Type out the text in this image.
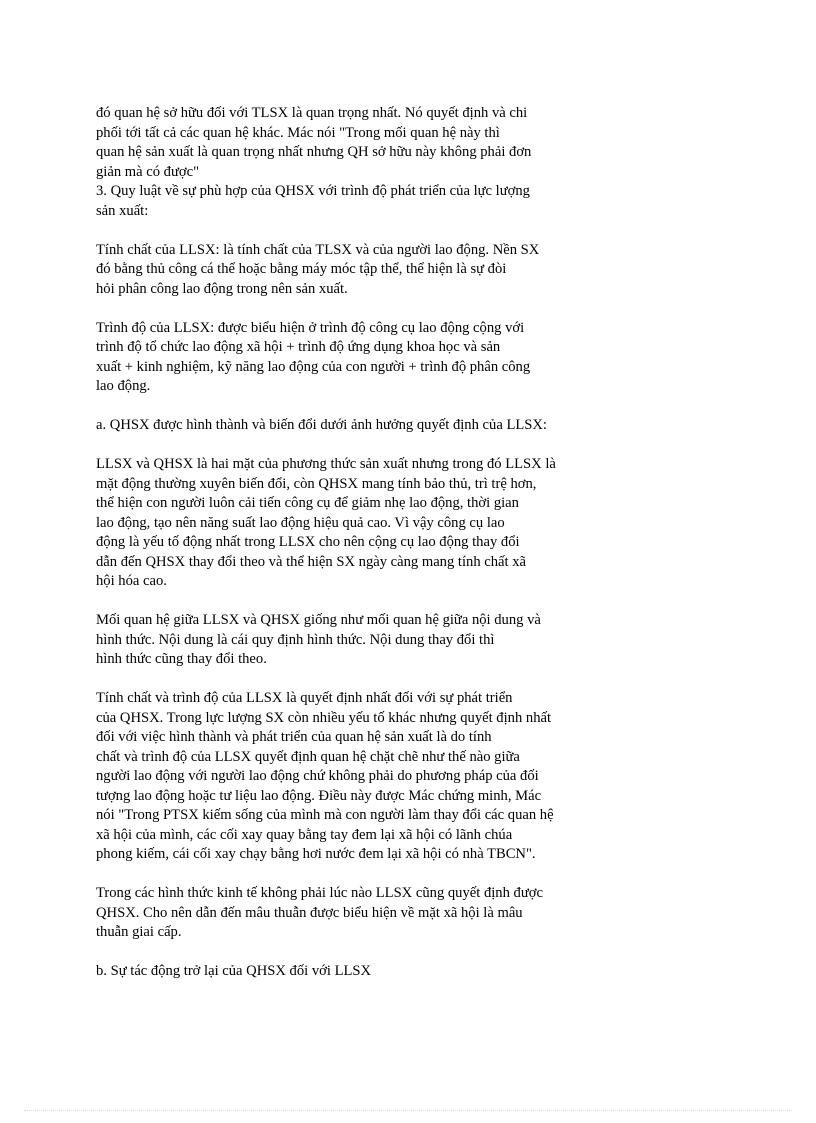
đó quan hệ sở hữu đối với TLSX là quan trọng nhất. Nó quyết định và chi
phối tới tất cả các quan hệ khác. Mác nói "Trong mối quan hệ này thì
quan hệ sản xuất là quan trọng nhất nhưng QH sở hữu này không phải đơn
giản mà có được"
3. Quy luật về sự phù hợp của QHSX với trình độ phát triển của lực lượng
sản xuất:
Tính chất của LLSX: là tính chất của TLSX và của người lao động. Nền SX
đó bằng thủ công cá thể hoặc bằng máy móc tập thể, thể hiện là sự đòi
hỏi phân công lao động trong nên sản xuất.
Trình độ của LLSX: được biểu hiện ở trình độ công cụ lao động cộng với
trình độ tổ chức lao động xã hội + trình độ ứng dụng khoa học và sản
xuất + kinh nghiệm, kỹ năng lao động của con người + trình độ phân công
lao động.
a. QHSX được hình thành và biến đổi dưới ảnh hưởng quyết định của LLSX:
LLSX và QHSX là hai mặt của phương thức sản xuất nhưng trong đó LLSX là
mặt động thường xuyên biến đổi, còn QHSX mang tính bảo thủ, trì trệ hơn,
thể hiện con người luôn cải tiến công cụ để giảm nhẹ lao động, thời gian
lao động, tạo nên năng suất lao động hiệu quả cao. Vì vậy công cụ lao
động là yếu tố động nhất trong LLSX cho nên cộng cụ lao động thay đổi
dẫn đến QHSX thay đổi theo và thể hiện SX ngày càng mang tính chất xã
hội hóa cao.
Mối quan hệ giữa LLSX và QHSX giống như mối quan hệ giữa nội dung và
hình thức. Nội dung là cái quy định hình thức. Nội dung thay đổi thì
hình thức cũng thay đổi theo.
Tính chất và trình độ của LLSX là quyết định nhất đối với sự phát triển
của QHSX. Trong lực lượng SX còn nhiều yếu tố khác nhưng quyết định nhất
đối với việc hình thành và phát triển của quan hệ sản xuất là do tính
chất và trình độ của LLSX quyết định quan hệ chặt chẽ như thế nào giữa
người lao động với người lao động chứ không phải do phương pháp của đối
tượng lao động hoặc tư liệu lao động. Điều này được Mác chứng minh, Mác
nói "Trong PTSX kiếm sống của mình mà con người làm thay đổi các quan hệ
xã hội của mình, các cối xay quay bằng tay đem lại xã hội có lãnh chúa
phong kiếm, cái cối xay chạy bằng hơi nước đem lại xã hội có nhà TBCN".
Trong các hình thức kinh tế không phải lúc nào LLSX cũng quyết định được
QHSX. Cho nên dẫn đến mâu thuẫn được biểu hiện về mặt xã hội là mâu
thuẫn giai cấp.
b. Sự tác động trở lại của QHSX đối với LLSX
